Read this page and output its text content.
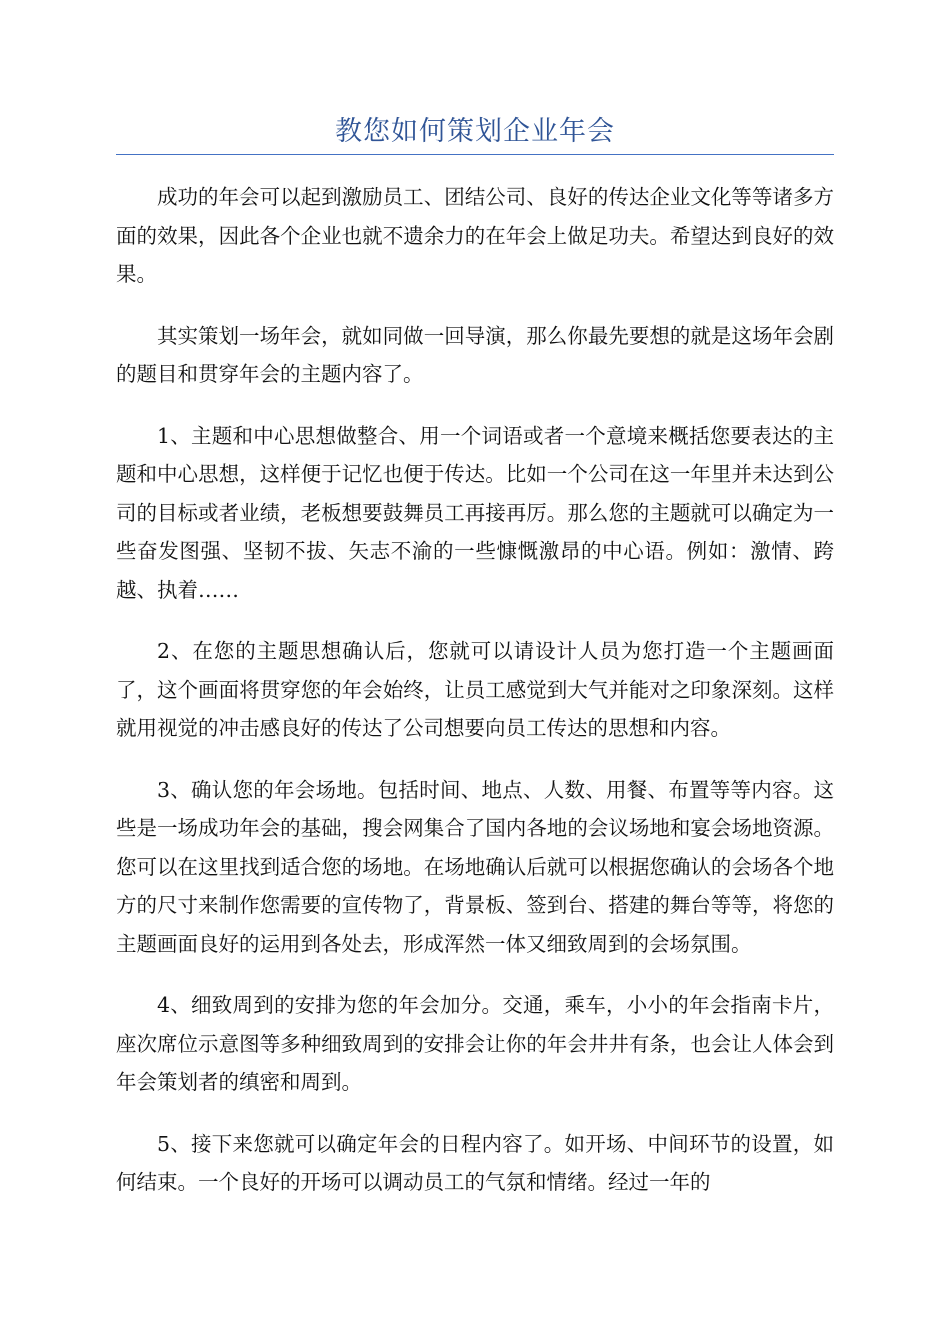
教您如何策划企业年会

成功的年会可以起到激励员工、团结公司、良好的传达企业文化等等诸多方面的效果，因此各个企业也就不遗余力的在年会上做足功夫。希望达到良好的效果。

其实策划一场年会，就如同做一回导演，那么你最先要想的就是这场年会剧的题目和贯穿年会的主题内容了。

1、主题和中心思想做整合、用一个词语或者一个意境来概括您要表达的主题和中心思想，这样便于记忆也便于传达。比如一个公司在这一年里并未达到公司的目标或者业绩，老板想要鼓舞员工再接再厉。那么您的主题就可以确定为一些奋发图强、坚韧不拔、矢志不渝的一些慷慨激昂的中心语。例如：激情、跨越、执着……

2、在您的主题思想确认后，您就可以请设计人员为您打造一个主题画面了，这个画面将贯穿您的年会始终，让员工感觉到大气并能对之印象深刻。这样就用视觉的冲击感良好的传达了公司想要向员工传达的思想和内容。

3、确认您的年会场地。包括时间、地点、人数、用餐、布置等等内容。这些是一场成功年会的基础，搜会网集合了国内各地的会议场地和宴会场地资源。您可以在这里找到适合您的场地。在场地确认后就可以根据您确认的会场各个地方的尺寸来制作您需要的宣传物了，背景板、签到台、搭建的舞台等等，将您的主题画面良好的运用到各处去，形成浑然一体又细致周到的会场氛围。

4、细致周到的安排为您的年会加分。交通，乘车，小小的年会指南卡片，座次席位示意图等多种细致周到的安排会让你的年会井井有条，也会让人体会到年会策划者的缜密和周到。

5、接下来您就可以确定年会的日程内容了。如开场、中间环节的设置，如何结束。一个良好的开场可以调动员工的气氛和情绪。经过一年的
